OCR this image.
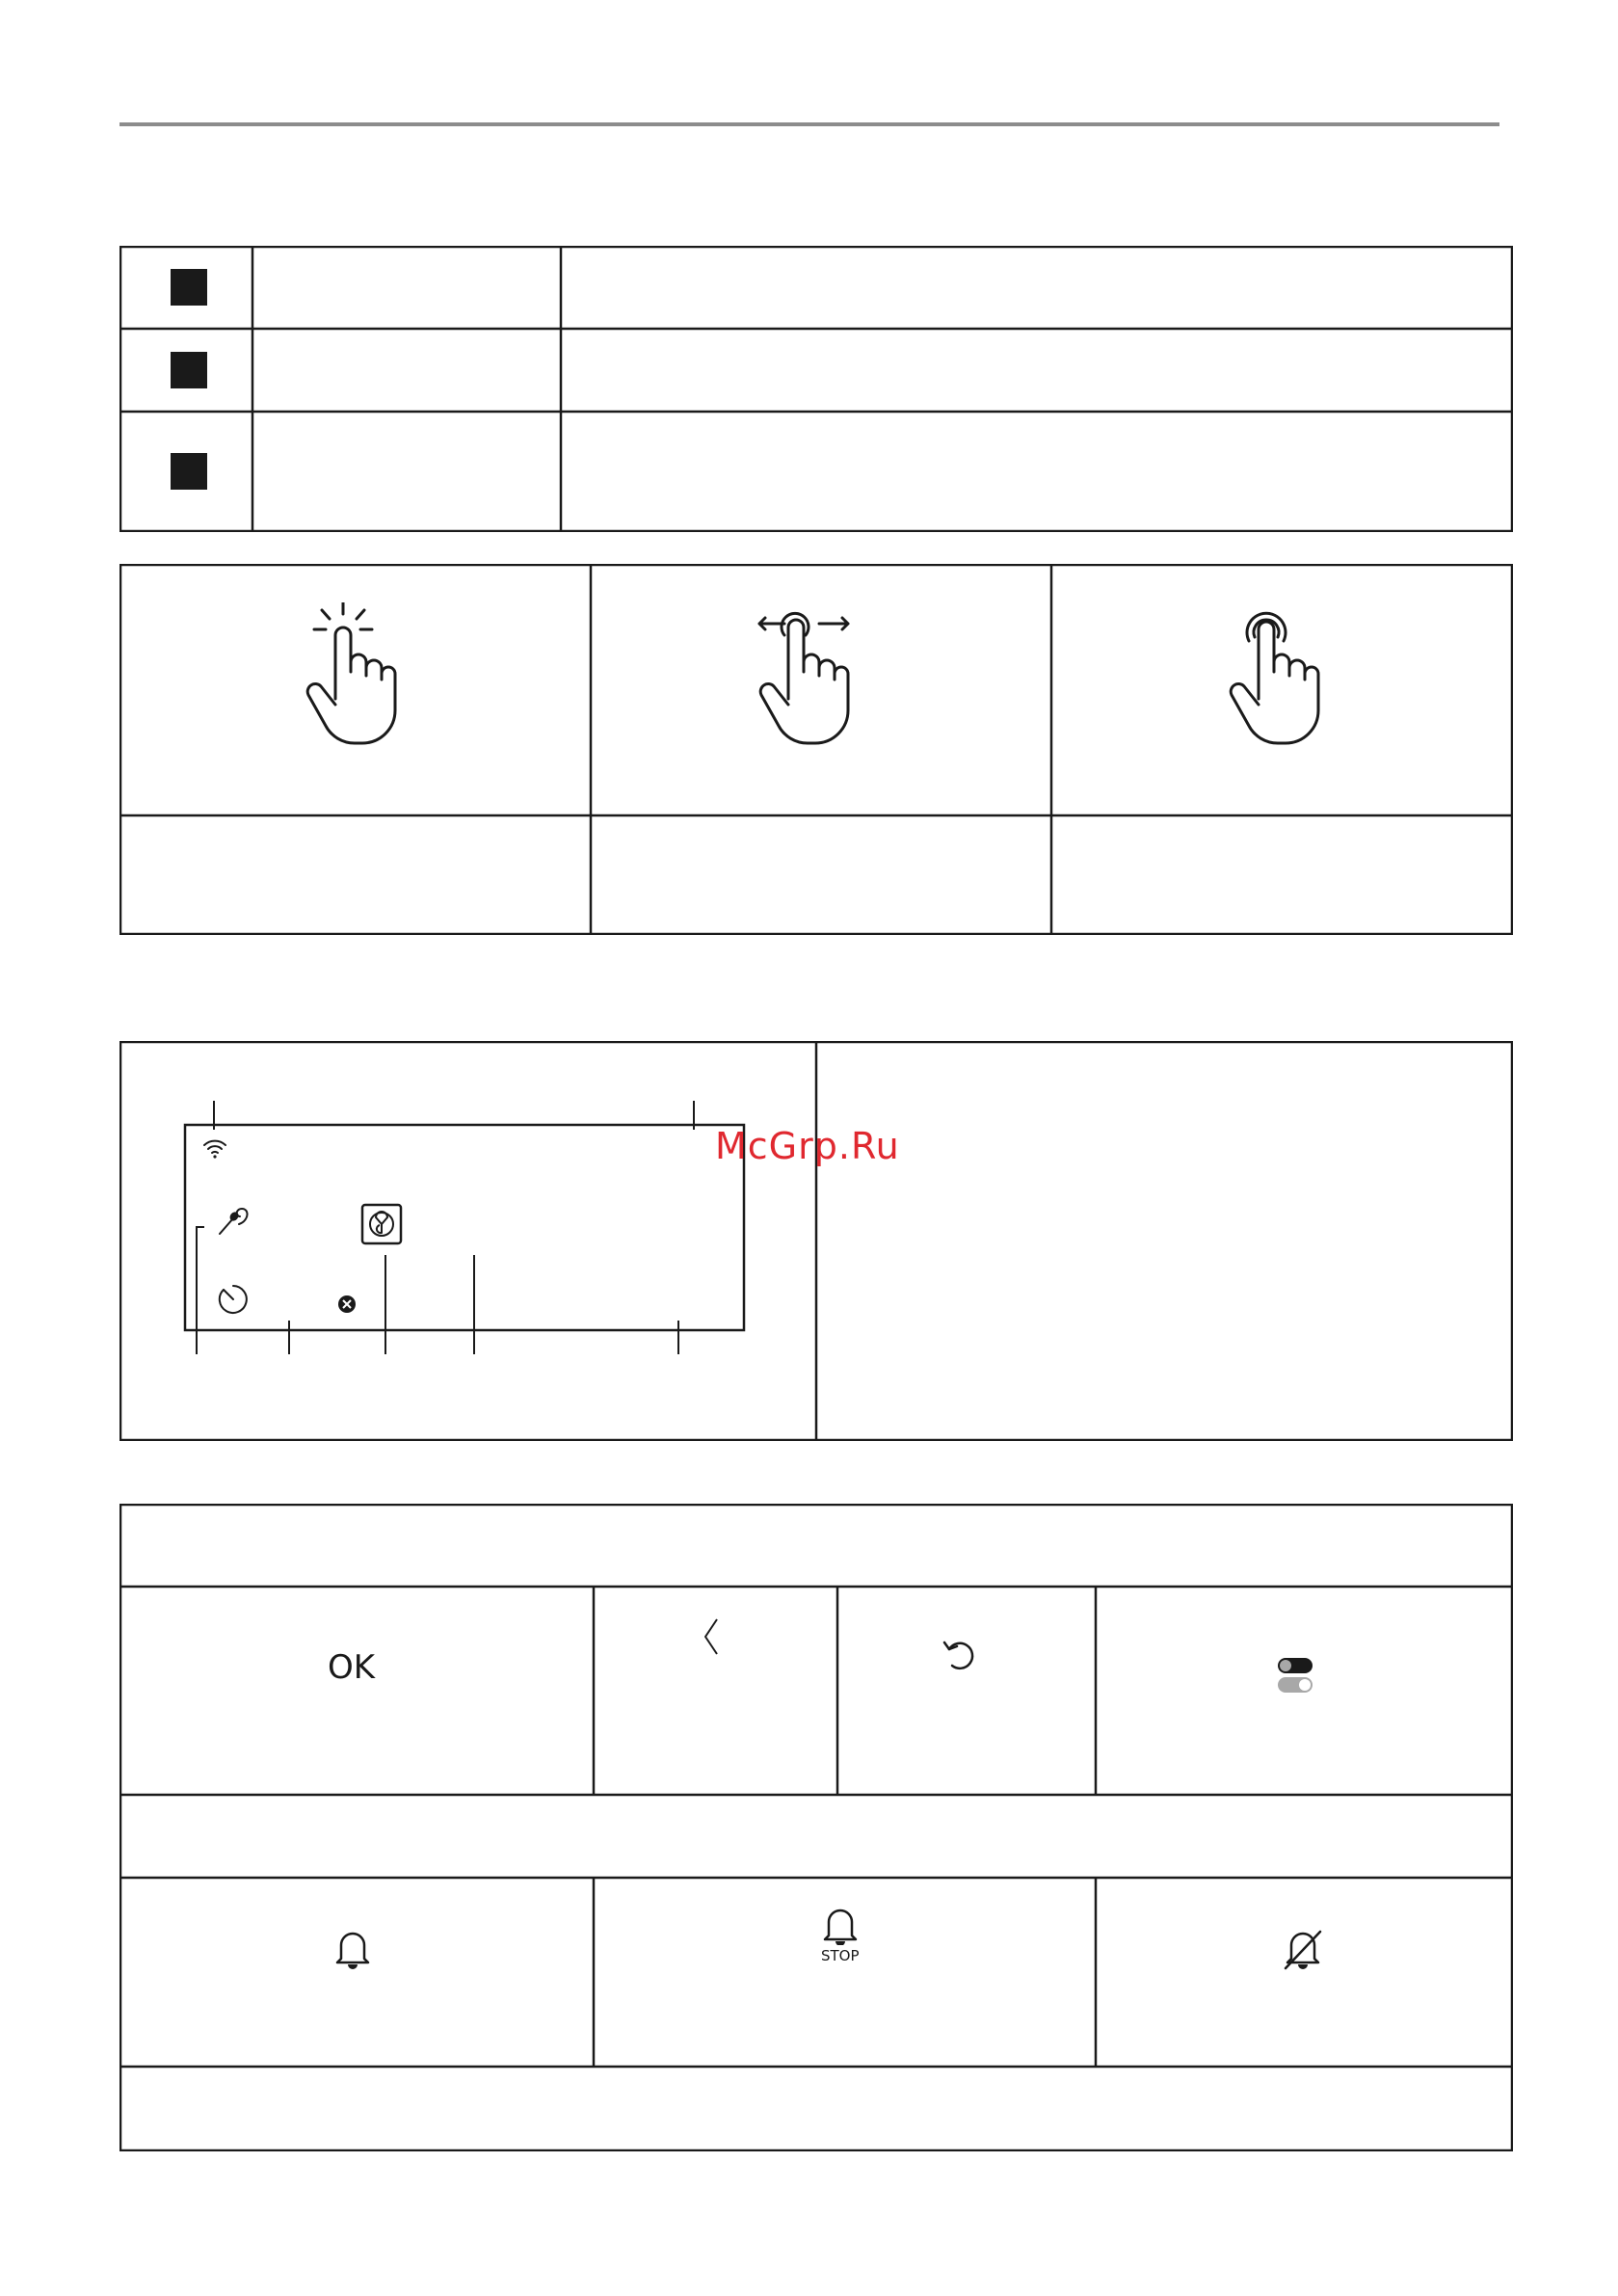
McGrp.Ru
OK
STOP
